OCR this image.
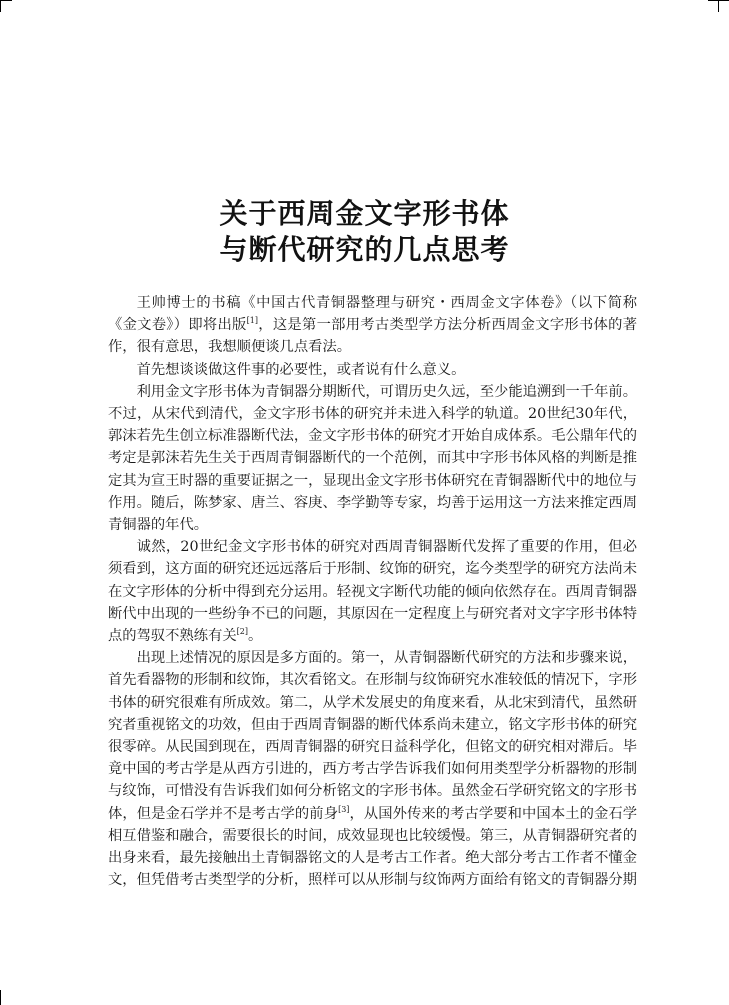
关于西周金文字形书体
与断代研究的几点思考

王帅博士的书稿《中国古代青铜器整理与研究・西周金文字体卷》（以下简称《金文卷》）即将出版[1]，这是第一部用考古类型学方法分析西周金文字形书体的著作，很有意思，我想顺便谈几点看法。

首先想谈谈做这件事的必要性，或者说有什么意义。

利用金文字形书体为青铜器分期断代，可谓历史久远，至少能追溯到一千年前。不过，从宋代到清代，金文字形书体的研究并未进入科学的轨道。20世纪30年代，郭沫若先生创立标准器断代法，金文字形书体的研究才开始自成体系。毛公鼎年代的考定是郭沫若先生关于西周青铜器断代的一个范例，而其中字形书体风格的判断是推定其为宣王时器的重要证据之一，显现出金文字形书体研究在青铜器断代中的地位与作用。随后，陈梦家、唐兰、容庚、李学勤等专家，均善于运用这一方法来推定西周青铜器的年代。

诚然，20世纪金文字形书体的研究对西周青铜器断代发挥了重要的作用，但必须看到，这方面的研究还远远落后于形制、纹饰的研究，迄今类型学的研究方法尚未在文字形体的分析中得到充分运用。轻视文字断代功能的倾向依然存在。西周青铜器断代中出现的一些纷争不已的问题，其原因在一定程度上与研究者对文字字形书体特点的驾驭不熟练有关[2]。

出现上述情况的原因是多方面的。第一，从青铜器断代研究的方法和步骤来说，首先看器物的形制和纹饰，其次看铭文。在形制与纹饰研究水准较低的情况下，字形书体的研究很难有所成效。第二，从学术发展史的角度来看，从北宋到清代，虽然研究者重视铭文的功效，但由于西周青铜器的断代体系尚未建立，铭文字形书体的研究很零碎。从民国到现在，西周青铜器的研究日益科学化，但铭文的研究相对滞后。毕竟中国的考古学是从西方引进的，西方考古学告诉我们如何用类型学分析器物的形制与纹饰，可惜没有告诉我们如何分析铭文的字形书体。虽然金石学研究铭文的字形书体，但是金石学并不是考古学的前身[3]，从国外传来的考古学要和中国本土的金石学相互借鉴和融合，需要很长的时间，成效显现也比较缓慢。第三，从青铜器研究者的出身来看，最先接触出土青铜器铭文的人是考古工作者。绝大部分考古工作者不懂金文，但凭借考古类型学的分析，照样可以从形制与纹饰两方面给有铭文的青铜器分期
